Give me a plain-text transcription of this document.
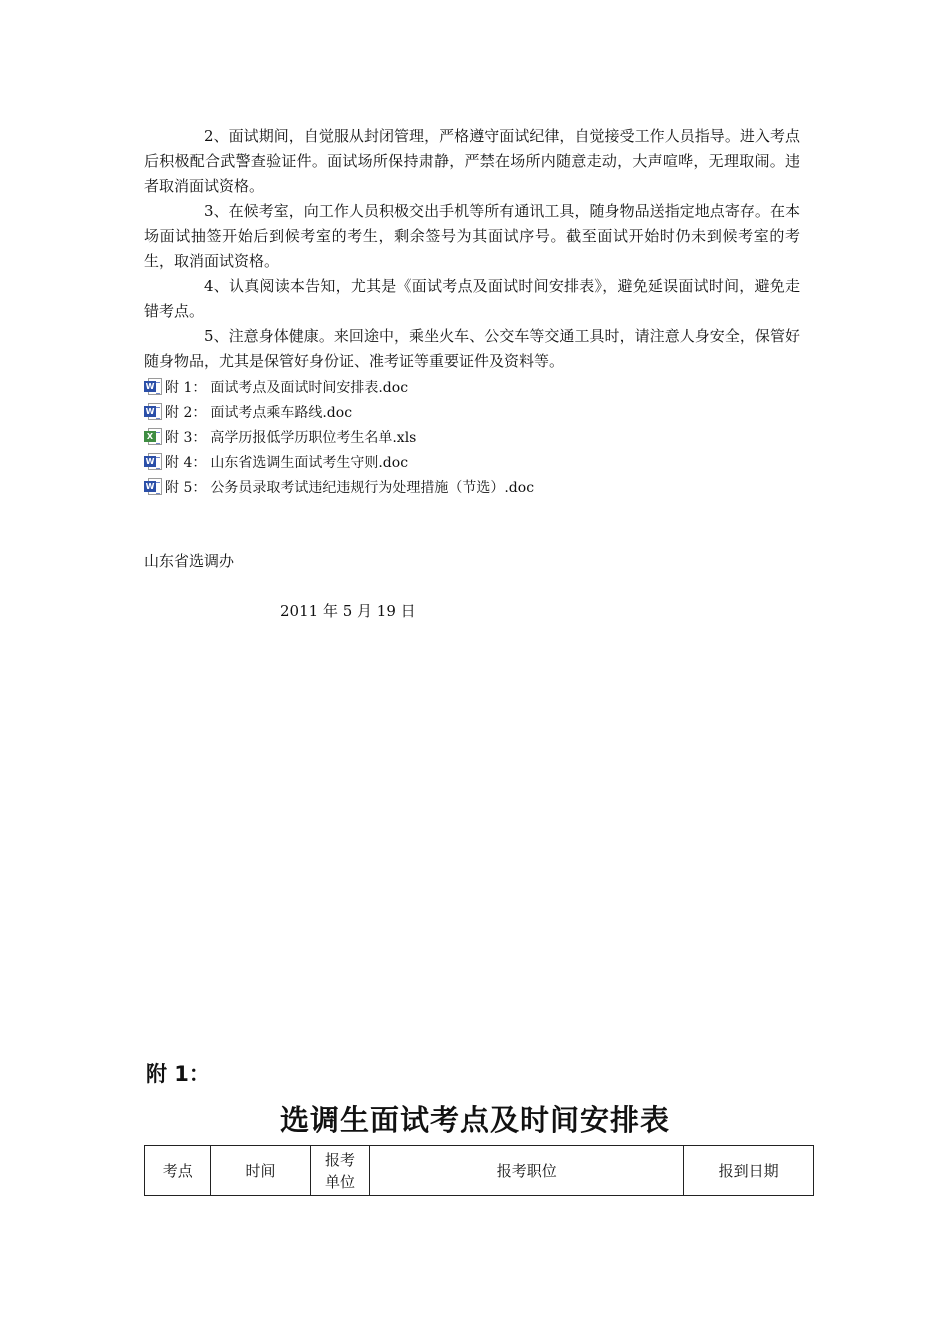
2、面试期间，自觉服从封闭管理，严格遵守面试纪律，自觉接受工作人员指导。进入考点后积极配合武警查验证件。面试场所保持肃静，严禁在场所内随意走动，大声喧哗，无理取闹。违者取消面试资格。

3、在候考室，向工作人员积极交出手机等所有通讯工具，随身物品送指定地点寄存。在本场面试抽签开始后到候考室的考生，剩余签号为其面试序号。截至面试开始时仍未到候考室的考生，取消面试资格。

4、认真阅读本告知，尤其是《面试考点及面试时间安排表》，避免延误面试时间，避免走错考点。

5、注意身体健康。来回途中，乘坐火车、公交车等交通工具时，请注意人身安全，保管好随身物品，尤其是保管好身份证、准考证等重要证件及资料等。

W 附 1： 面试考点及面试时间安排表.doc
W 附 2： 面试考点乘车路线.doc
X 附 3： 高学历报低学历职位考生名单.xls
W 附 4： 山东省选调生面试考生守则.doc
W 附 5： 公务员录取考试违纪违规行为处理措施（节选）.doc
山东省选调办
2011 年 5 月 19 日
附 1：
选调生面试考点及时间安排表
考点	时间	报考单位	报考职位	报到日期
